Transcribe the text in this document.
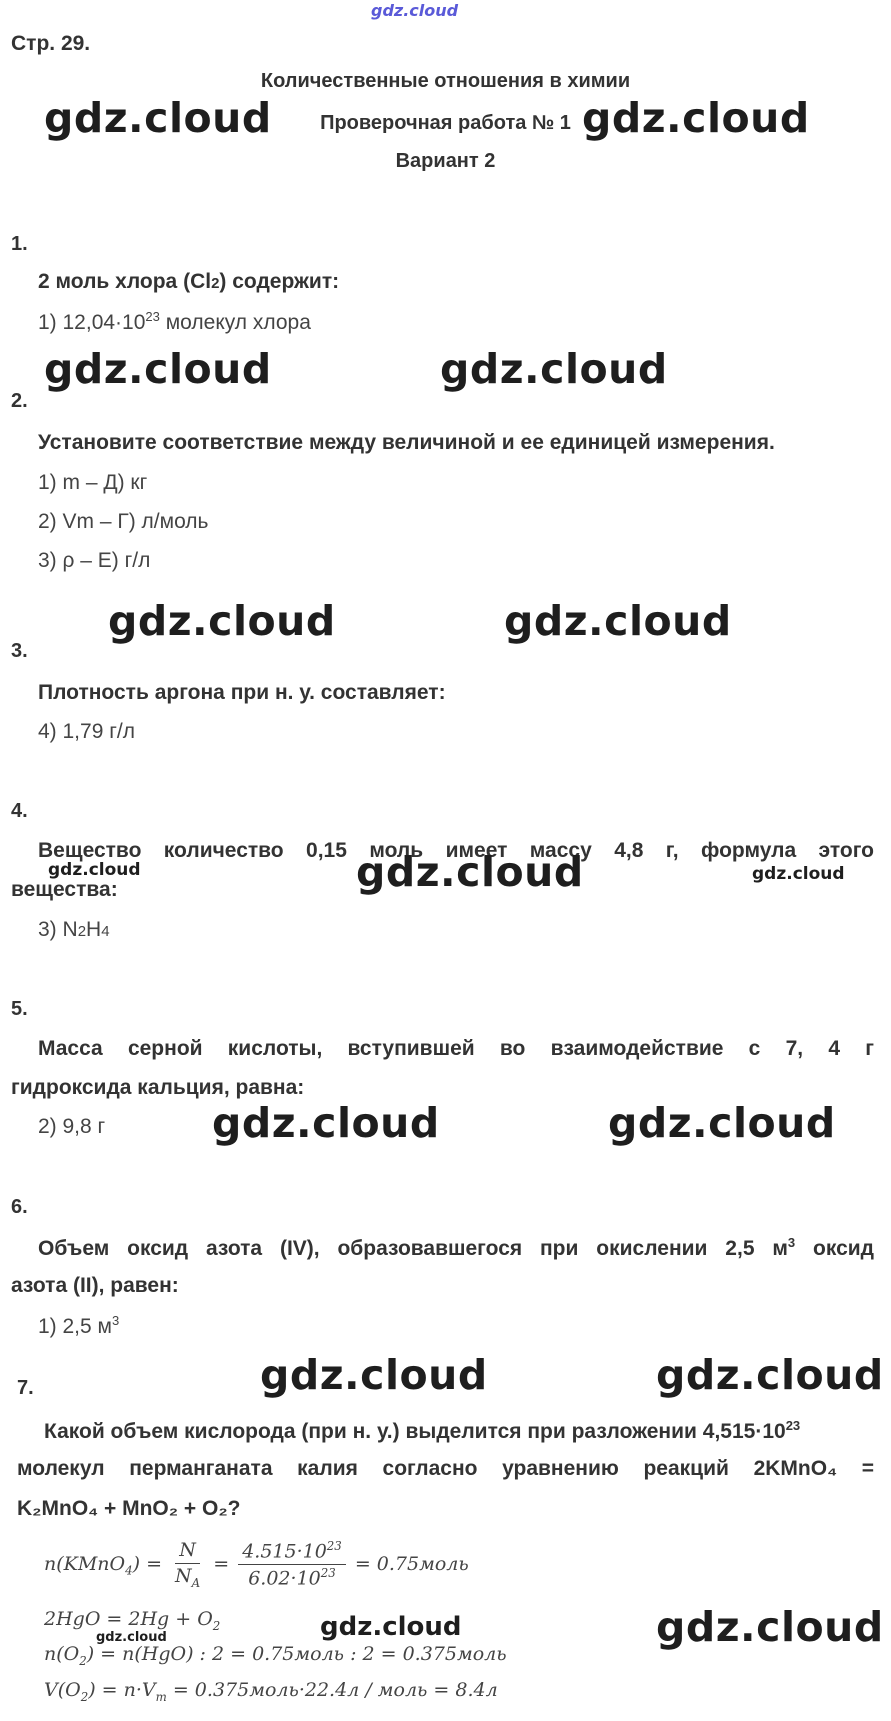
gdz.cloud
Стр. 29.
Количественные отношения в химии
Проверочная работа № 1
Вариант 2
1.
2 моль хлора (Cl2) содержит:
1) $12,04\cdot 10^{23}$ молекул хлора
2.
Установите соответствие между величиной и ее единицей измерения.
1) m – Д) кг
2) Vm – Г) л/моль
3) ρ – Е) г/л
3.
Плотность аргона при н. у. составляет:
4) 1,79 г/л
4.
Вещество количество 0,15 моль имеет массу 4,8 г, формула этого
вещества:
3) N2H4
5.
Масса серной кислоты, вступившей во взаимодействие с 7, 4 г
гидроксида кальция, равна:
2) 9,8 г
6.
Объем оксид азота (IV), образовавшегося при окислении 2,5 $м^3$ оксид
азота (II), равен:
1) 2,5 $м^3$
7.
Какой объем кислорода (при н. у.) выделится при разложении $4,515\cdot 10^{23}$
молекул перманганата калия согласно уравнению реакций 2KMnO₄ =
K₂MnO₄ + MnO₂ + O₂?
n(KMnO$_4$) = $\frac{N}{N_A} = \frac{4.515\cdot 10^{23}}{6.02\cdot 10^{23}}$ = 0.75моль
$2HgO = 2Hg + O_2$
$n(O_2) = n(HgO)$ : 2 = 0.75моль : 2 = 0.375моль
$V(O_2) = n\cdot V_m$ = 0.375моль·22.4л / моль = 8.4л
gdz.cloud	gdz.cloud
gdz.cloud	gdz.cloud
gdz.cloud	gdz.cloud
gdz.cloud	gdz.cloud	gdz.cloud
gdz.cloud	gdz.cloud
gdz.cloud	gdz.cloud
gdz.cloud
gdz.cloud	gdz.cloud
